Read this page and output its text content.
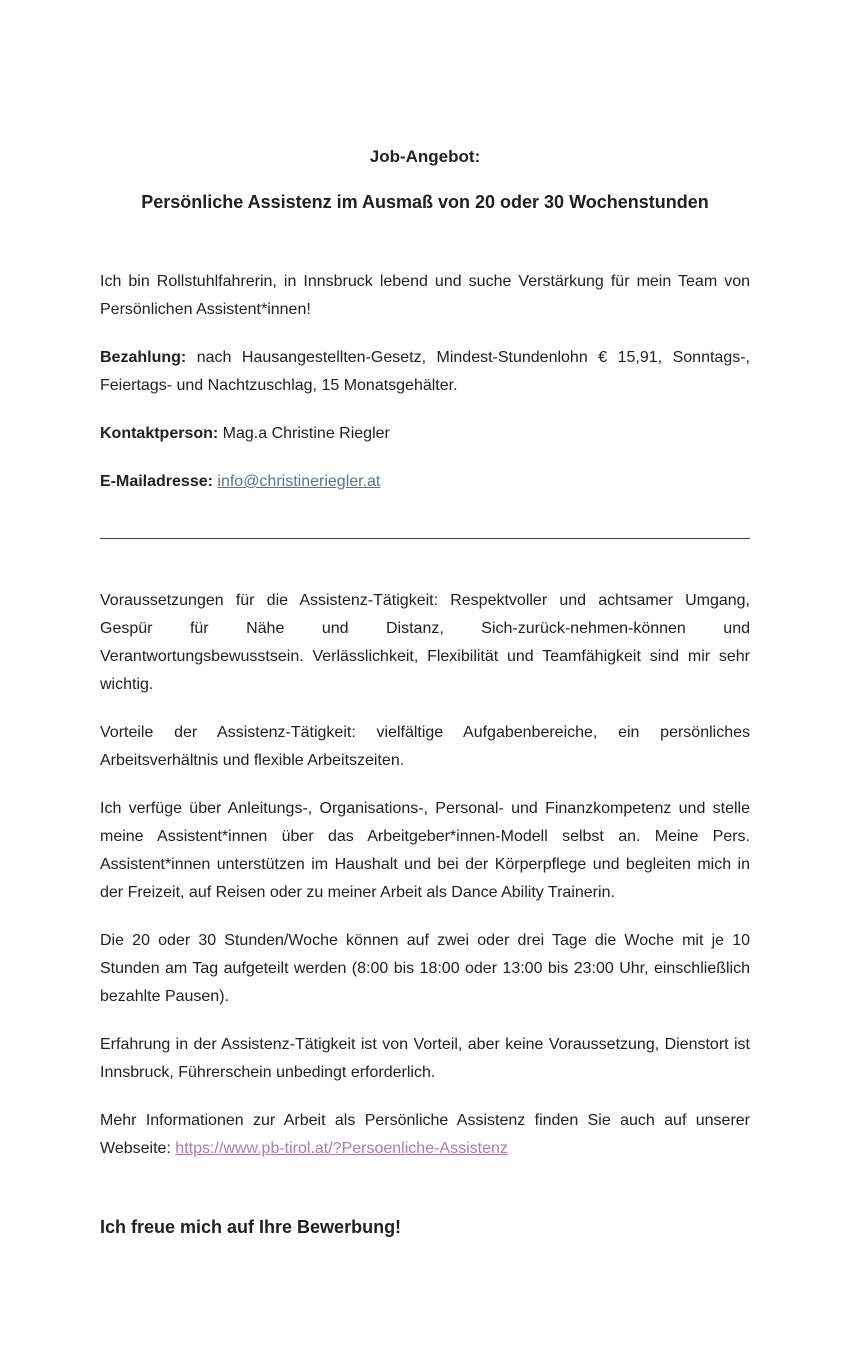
Job-Angebot:
Persönliche Assistenz im Ausmaß von 20 oder 30 Wochenstunden

Ich bin Rollstuhlfahrerin, in Innsbruck lebend und suche Verstärkung für mein Team von Persönlichen Assistent*innen!

Bezahlung: nach Hausangestellten-Gesetz, Mindest-Stundenlohn € 15,91, Sonntags-, Feiertags- und Nachtzuschlag, 15 Monatsgehälter.

Kontaktperson: Mag.a Christine Riegler

E-Mailadresse: info@christineriegler.at

Voraussetzungen für die Assistenz-Tätigkeit: Respektvoller und achtsamer Umgang, Gespür für Nähe und Distanz, Sich-zurück-nehmen-können und Verantwortungsbewusstsein. Verlässlichkeit, Flexibilität und Teamfähigkeit sind mir sehr wichtig.

Vorteile der Assistenz-Tätigkeit: vielfältige Aufgabenbereiche, ein persönliches Arbeitsverhältnis und flexible Arbeitszeiten.

Ich verfüge über Anleitungs-, Organisations-, Personal- und Finanzkompetenz und stelle meine Assistent*innen über das Arbeitgeber*innen-Modell selbst an. Meine Pers. Assistent*innen unterstützen im Haushalt und bei der Körperpflege und begleiten mich in der Freizeit, auf Reisen oder zu meiner Arbeit als Dance Ability Trainerin.

Die 20 oder 30 Stunden/Woche können auf zwei oder drei Tage die Woche mit je 10 Stunden am Tag aufgeteilt werden (8:00 bis 18:00 oder 13:00 bis 23:00 Uhr, einschließlich bezahlte Pausen).

Erfahrung in der Assistenz-Tätigkeit ist von Vorteil, aber keine Voraussetzung, Dienstort ist Innsbruck, Führerschein unbedingt erforderlich.

Mehr Informationen zur Arbeit als Persönliche Assistenz finden Sie auch auf unserer Webseite: https://www.pb-tirol.at/?Persoenliche-Assistenz

Ich freue mich auf Ihre Bewerbung!
